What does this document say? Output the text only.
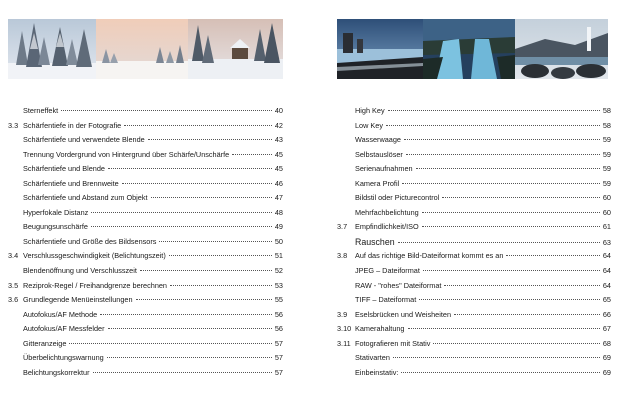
Sterneffekt	40
3.3 Schärfentiefe in der Fotografie	42
Schärfentiefe und verwendete Blende	43
Trennung Vordergrund von Hintergrund über Schärfe/Unschärfe	45
Schärfentiefe und Blende	45
Schärfentiefe und Brennweite	46
Schärfentiefe und Abstand zum Objekt	47
Hyperfokale Distanz	48
Beugungsunschärfe	49
Schärfentiefe und Größe des Bildsensors	50
3.4 Verschlussgeschwindigkeit (Belichtungszeit)	51
Blendenöffnung und Verschlusszeit	52
3.5 Reziprok-Regel / Freihandgrenze berechnen	53
3.6 Grundlegende Menüeinstellungen	55
Autofokus/AF Methode	56
Autofokus/AF Messfelder	56
Gitteranzeige	57
Überbelichtungswarnung	57
Belichtungskorrektur	57
High Key	58
Low Key	58
Wasserwaage	59
Selbstauslöser	59
Serienaufnahmen	59
Kamera Profil	59
Bildstil oder Picturecontrol	60
Mehrfachbelichtung	60
3.7	Empfindlichkeit/ISO	61
Rauschen	63
3.8	Auf das richtige Bild-Dateiformat kommt es an	64
JPEG – Dateiformat	64
RAW - "rohes" Dateiformat	64
TIFF – Dateiformat	65
3.9	Eselsbrücken und Weisheiten	66
3.10 Kamerahaltung	67
3.11 Fotografieren mit Stativ	68
Stativarten	69
Einbeinstativ:	69
